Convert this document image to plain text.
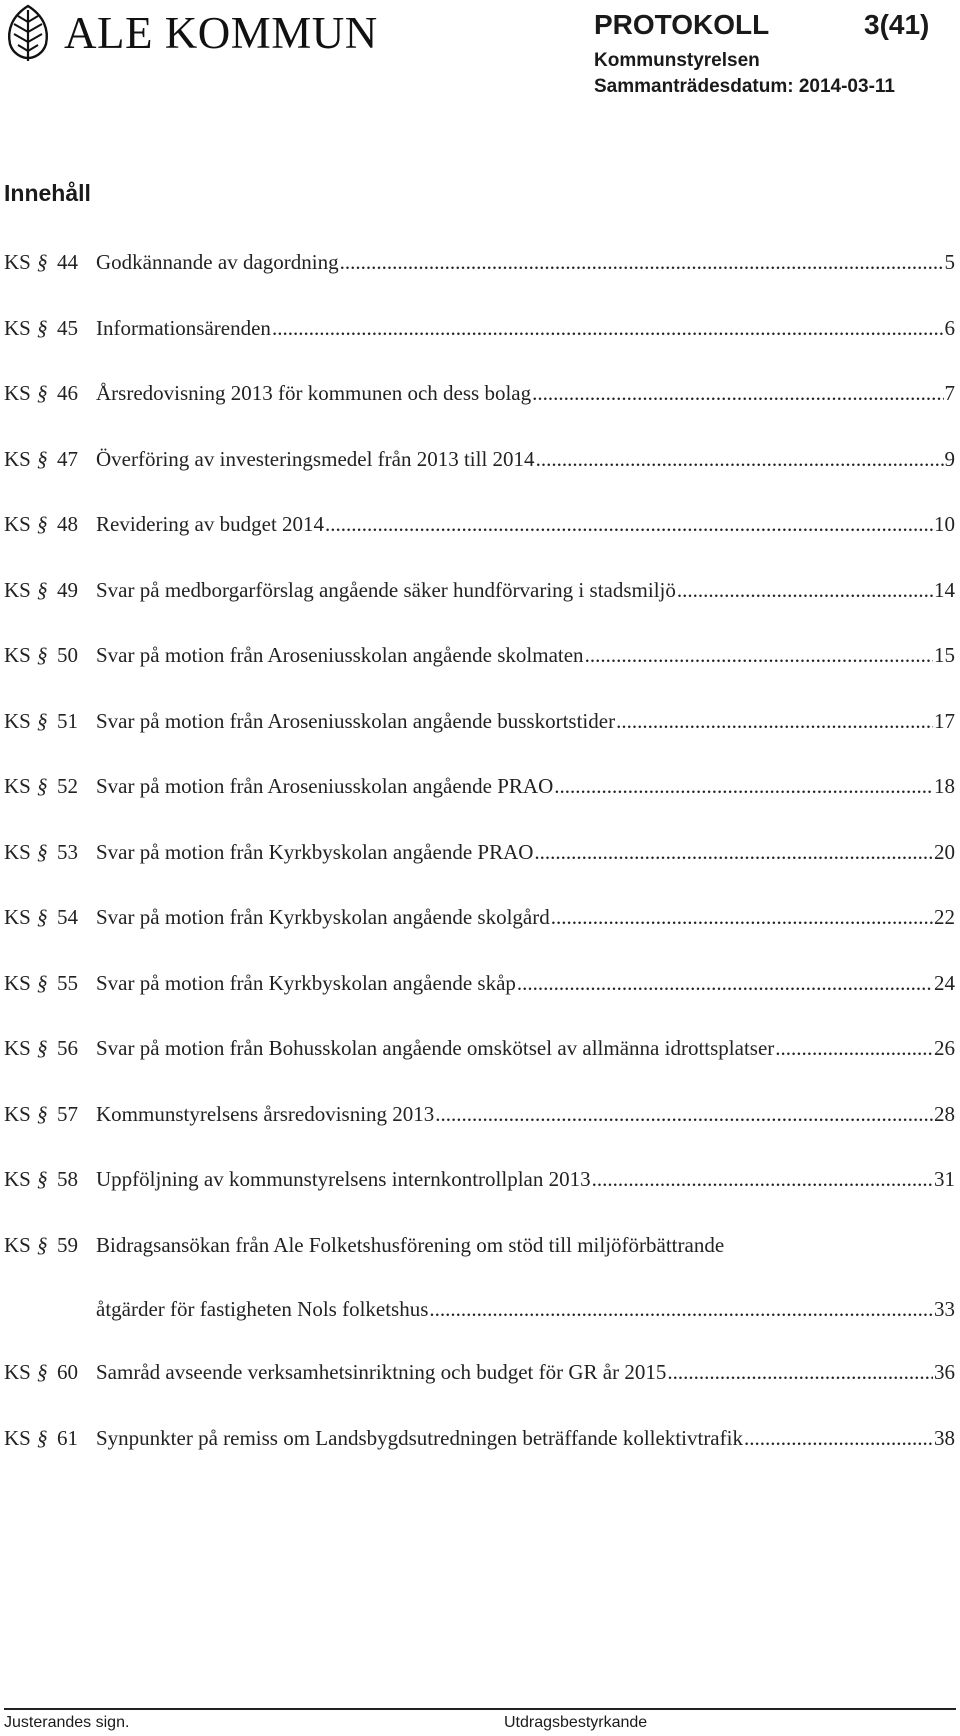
ALE KOMMUN	PROTOKOLL	3(41)
Kommunstyrelsen
Sammanträdesdatum: 2014-03-11
Innehåll
KS § 44 Godkännande av dagordning .....	5
KS § 45 Informationsärenden .....	6
KS § 46 Årsredovisning 2013 för kommunen och dess bolag .....	7
KS § 47 Överföring av investeringsmedel från 2013 till 2014 .....	9
KS § 48 Revidering av budget 2014 .....	10
KS § 49 Svar på medborgarförslag angående säker hundförvaring i stadsmiljö .....	14
KS § 50 Svar på motion från Aroseniusskolan angående skolmaten .....	15
KS § 51 Svar på motion från Aroseniusskolan angående busskortstider .....	17
KS § 52 Svar på motion från Aroseniusskolan angående PRAO .....	18
KS § 53 Svar på motion från Kyrkbyskolan angående PRAO .....	20
KS § 54 Svar på motion från Kyrkbyskolan angående skolgård .....	22
KS § 55 Svar på motion från Kyrkbyskolan angående skåp .....	24
KS § 56 Svar på motion från Bohusskolan angående omskötsel av allmänna idrottsplatser .....	26
KS § 57 Kommunstyrelsens årsredovisning 2013 .....	28
KS § 58 Uppföljning av kommunstyrelsens internkontrollplan 2013 .....	31
KS § 59 Bidragsansökan från Ale Folketshusförening om stöd till miljöförbättrande
åtgärder för fastigheten Nols folketshus .....	33
KS § 60 Samråd avseende verksamhetsinriktning och budget för GR år 2015 .....	36
KS § 61 Synpunkter på remiss om Landsbygdsutredningen beträffande kollektivtrafik .....	38
Justerandes sign.	Utdragsbestyrkande
